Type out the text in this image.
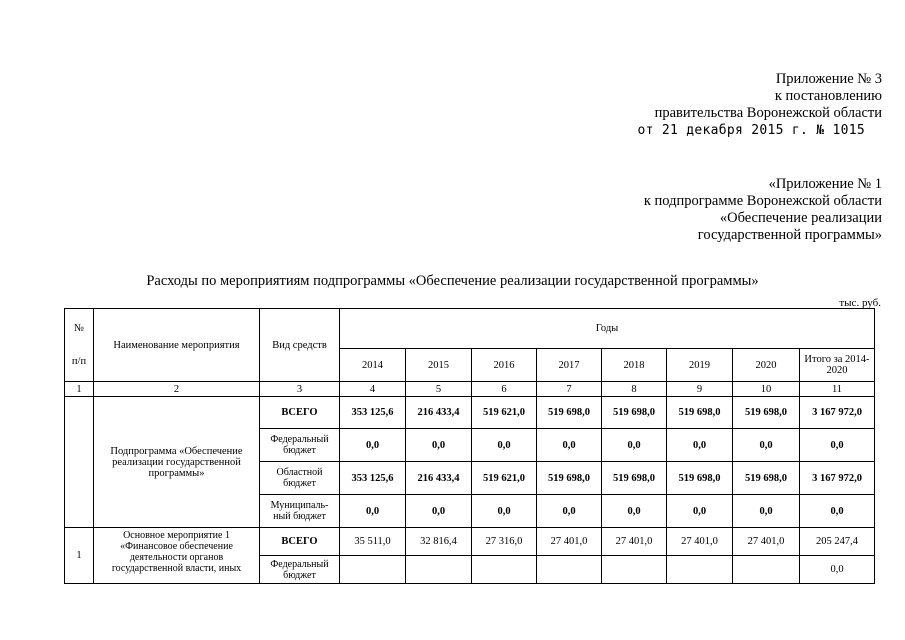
Приложение № 3
к постановлению
правительства Воронежской области
от 21 декабря 2015 г. № 1015
«Приложение № 1
к подпрограмме Воронежской области
«Обеспечение реализации
государственной программы»
Расходы по мероприятиям подпрограммы «Обеспечение реализации государственной программы»
тыс. руб.
№
п/п	Наименование мероприятия	Вид средств	Годы							
			2014	2015	2016	2017	2018	2019	2020	Итого за 2014-2020
1	2	3	4	5	6	7	8	9	10	11
	Подпрограмма «Обеспечение реализации государственной программы»	ВСЕГО	353 125,6	216 433,4	519 621,0	519 698,0	519 698,0	519 698,0	519 698,0	3 167 972,0
		Федеральный бюджет	0,0	0,0	0,0	0,0	0,0	0,0	0,0	0,0
		Областной бюджет	353 125,6	216 433,4	519 621,0	519 698,0	519 698,0	519 698,0	519 698,0	3 167 972,0
		Муниципаль-ный бюджет	0,0	0,0	0,0	0,0	0,0	0,0	0,0	0,0
1	Основное мероприятие 1 «Финансовое обеспечение деятельности органов государственной власти, иных	ВСЕГО	35 511,0	32 816,4	27 316,0	27 401,0	27 401,0	27 401,0	27 401,0	205 247,4
		Федеральный бюджет								0,0
